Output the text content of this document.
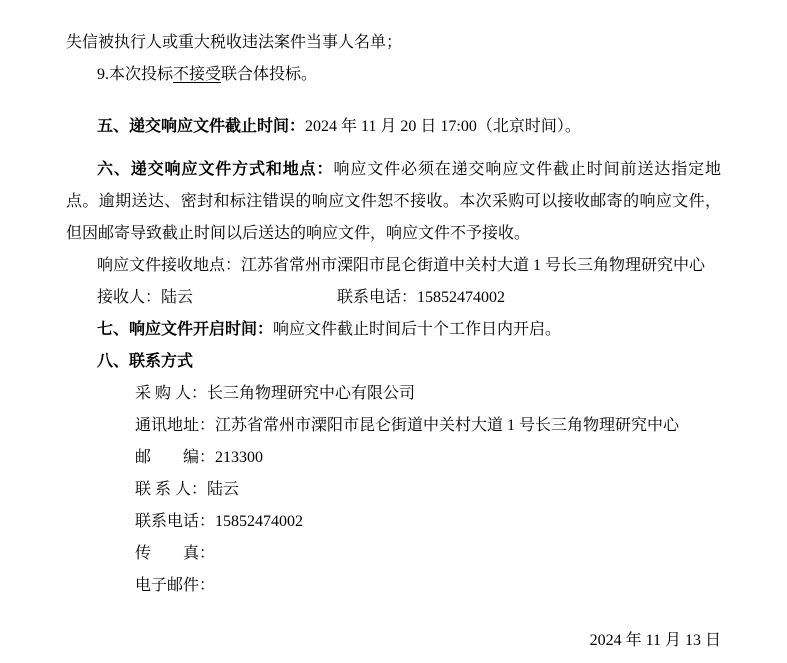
失信被执行人或重大税收违法案件当事人名单；

9.本次投标不接受联合体投标。

五、递交响应文件截止时间：2024 年 11 月 20 日 17:00（北京时间）。

六、递交响应文件方式和地点：响应文件必须在递交响应文件截止时间前送达指定地点。逾期送达、密封和标注错误的响应文件恕不接收。本次采购可以接收邮寄的响应文件，但因邮寄导致截止时间以后送达的响应文件，响应文件不予接收。

响应文件接收地点：江苏省常州市溧阳市昆仑街道中关村大道 1 号长三角物理研究中心

接收人：陆云	联系电话：15852474002

七、响应文件开启时间：响应文件截止时间后十个工作日内开启。

八、联系方式

采 购 人：长三角物理研究中心有限公司

通讯地址：江苏省常州市溧阳市昆仑街道中关村大道 1 号长三角物理研究中心

邮　　编：213300

联 系 人：陆云

联系电话：15852474002

传　　真：

电子邮件：

2024 年 11 月 13 日
